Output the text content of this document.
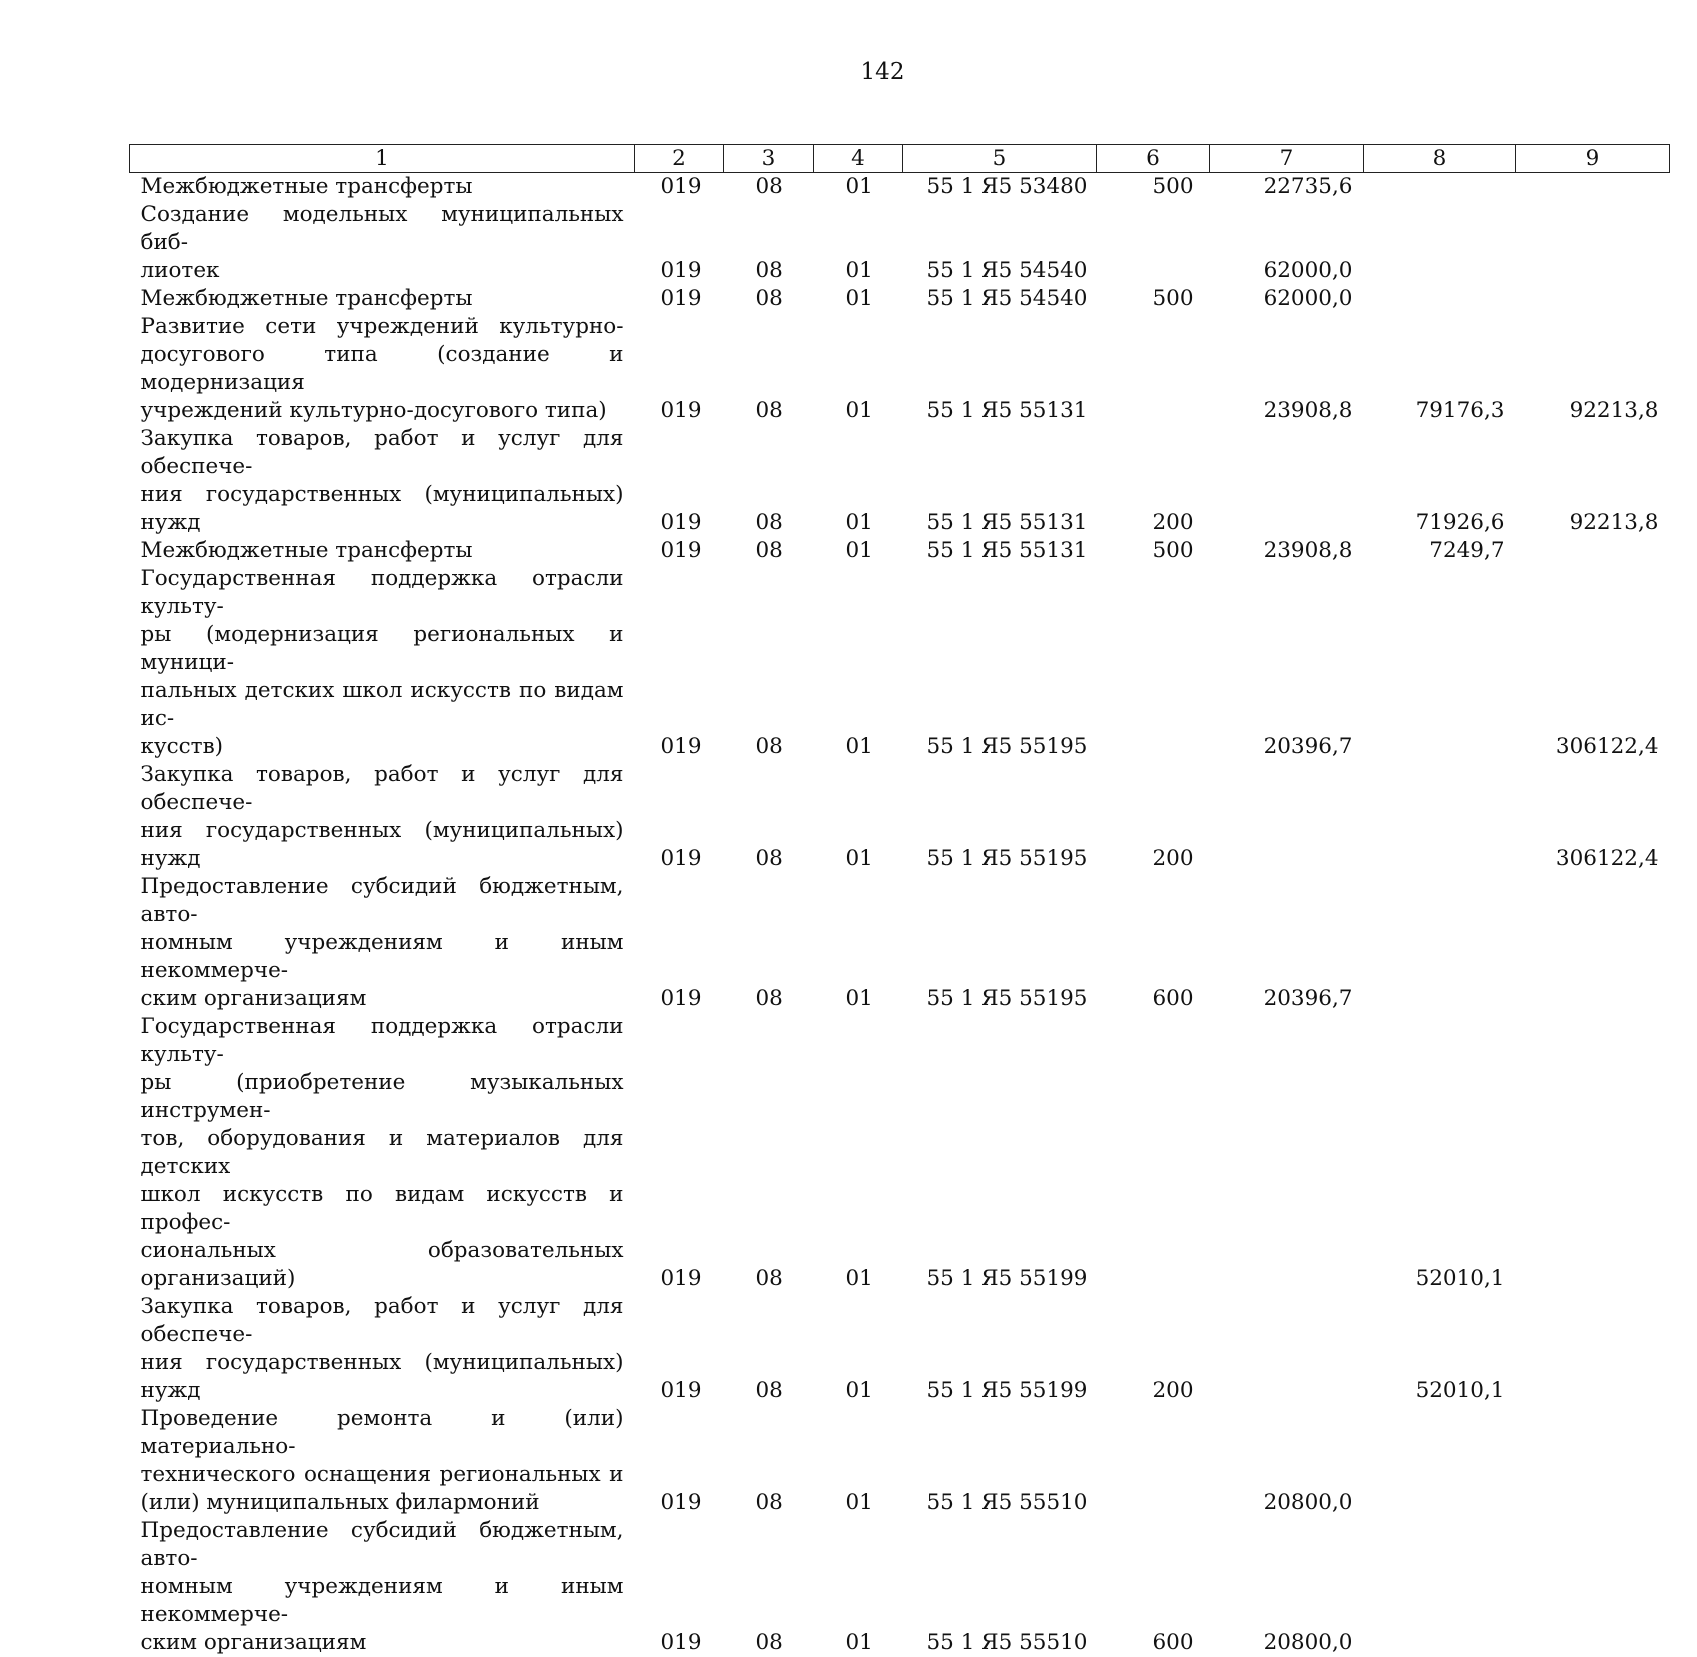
142
1	2	3	4	5	6	7	8	9

Межбюджетные трансферты	019	08	01	55 1 Я5 53480	500	22735,6		

Создание модельных муниципальных биб-
лиотек	019	08	01	55 1 Я5 54540		62000,0		

Межбюджетные трансферты	019	08	01	55 1 Я5 54540	500	62000,0		

Развитие сети учреждений культурно-
досугового типа (создание и модернизация
учреждений культурно-досугового типа)	019	08	01	55 1 Я5 55131		23908,8	79176,3	92213,8

Закупка товаров, работ и услуг для обеспече-
ния государственных (муниципальных) нужд	019	08	01	55 1 Я5 55131	200		71926,6	92213,8

Межбюджетные трансферты	019	08	01	55 1 Я5 55131	500	23908,8	7249,7	

Государственная поддержка отрасли культу-
ры (модернизация региональных и муници-
пальных детских школ искусств по видам ис-
кусств)	019	08	01	55 1 Я5 55195		20396,7		306122,4

Закупка товаров, работ и услуг для обеспече-
ния государственных (муниципальных) нужд	019	08	01	55 1 Я5 55195	200			306122,4

Предоставление субсидий бюджетным, авто-
номным учреждениям и иным некоммерче-
ским организациям	019	08	01	55 1 Я5 55195	600	20396,7		

Государственная поддержка отрасли культу-
ры (приобретение музыкальных инструмен-
тов, оборудования и материалов для детских
школ искусств по видам искусств и профес-
сиональных образовательных организаций)	019	08	01	55 1 Я5 55199			52010,1	

Закупка товаров, работ и услуг для обеспече-
ния государственных (муниципальных) нужд	019	08	01	55 1 Я5 55199	200		52010,1	

Проведение ремонта и (или) материально-
технического оснащения региональных и
(или) муниципальных филармоний	019	08	01	55 1 Я5 55510		20800,0		

Предоставление субсидий бюджетным, авто-
номным учреждениям и иным некоммерче-
ским организациям	019	08	01	55 1 Я5 55510	600	20800,0		
